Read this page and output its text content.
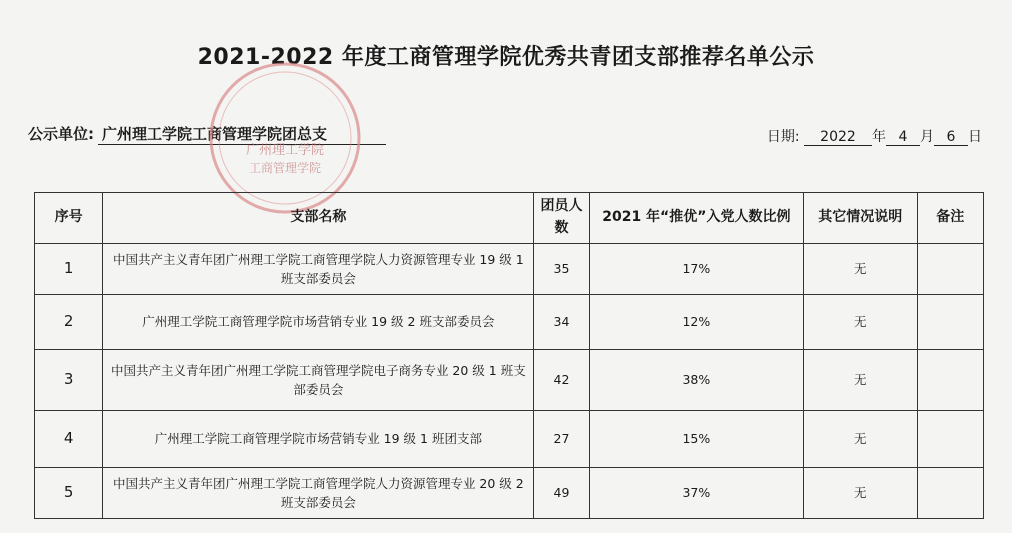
2021-2022 年度工商管理学院优秀共青团支部推荐名单公示
公示单位: 广州理工学院工商管理学院团总支	日期: 2022 年 4 月 6 日
广州理工学院
工商管理学院
序号	支部名称	团员人数	2021 年“推优”入党人数比例	其它情况说明	备注
1	中国共产主义青年团广州理工学院工商管理学院人力资源管理专业 19 级 1 班支部委员会	35	17%	无	
2	广州理工学院工商管理学院市场营销专业 19 级 2 班支部委员会	34	12%	无	
3	中国共产主义青年团广州理工学院工商管理学院电子商务专业 20 级 1 班支部委员会	42	38%	无	
4	广州理工学院工商管理学院市场营销专业 19 级 1 班团支部	27	15%	无	
5	中国共产主义青年团广州理工学院工商管理学院人力资源管理专业 20 级 2 班支部委员会	49	37%	无	
